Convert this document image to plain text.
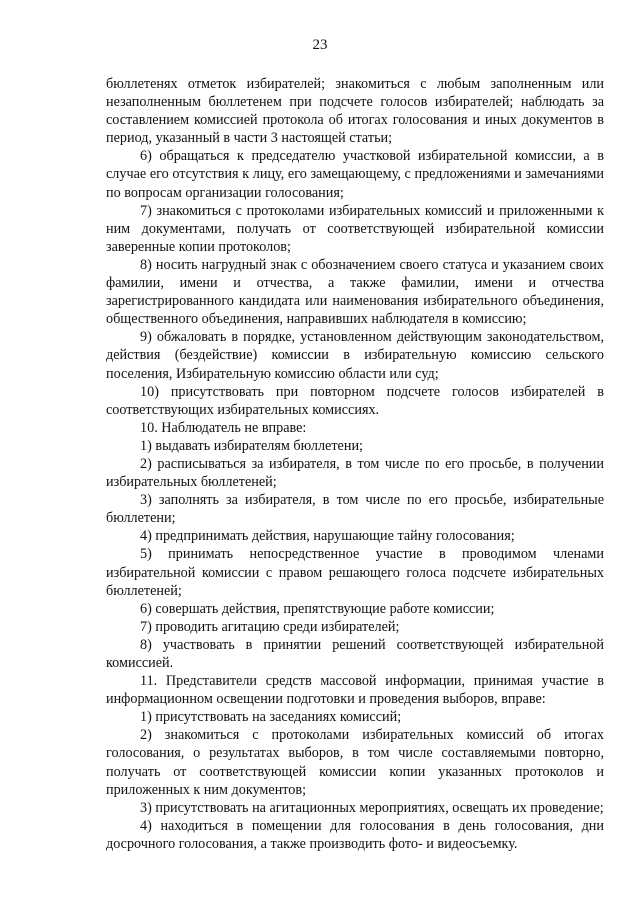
23

бюллетенях отметок избирателей; знакомиться с любым заполненным или незаполненным бюллетенем при подсчете голосов избирателей; наблюдать за составлением комиссией протокола об итогах голосования и иных документов в период, указанный в части 3 настоящей статьи;

6) обращаться к председателю участковой избирательной комиссии, а в случае его отсутствия к лицу, его замещающему, с предложениями и замечаниями по вопросам организации голосования;

7) знакомиться с протоколами избирательных комиссий и приложенными к ним документами, получать от соответствующей избирательной комиссии заверенные копии протоколов;

8) носить нагрудный знак с обозначением своего статуса и указанием своих фамилии, имени и отчества, а также фамилии, имени и отчества зарегистрированного кандидата или наименования избирательного объединения, общественного объединения, направивших наблюдателя в комиссию;

9) обжаловать в порядке, установленном действующим законодательством, действия (бездействие) комиссии в избирательную комиссию сельского поселения, Избирательную комиссию области или суд;

10) присутствовать при повторном подсчете голосов избирателей в соответствующих избирательных комиссиях.

10. Наблюдатель не вправе:

1) выдавать избирателям бюллетени;

2) расписываться за избирателя, в том числе по его просьбе, в получении избирательных бюллетеней;

3) заполнять за избирателя, в том числе по его просьбе, избирательные бюллетени;

4) предпринимать действия, нарушающие тайну голосования;

5) принимать непосредственное участие в проводимом членами избирательной комиссии с правом решающего голоса подсчете избирательных бюллетеней;

6) совершать действия, препятствующие работе комиссии;

7) проводить агитацию среди избирателей;

8) участвовать в принятии решений соответствующей избирательной комиссией.

11. Представители средств массовой информации, принимая участие в информационном освещении подготовки и проведения выборов, вправе:

1) присутствовать на заседаниях комиссий;

2) знакомиться с протоколами избирательных комиссий об итогах голосования, о результатах выборов, в том числе составляемыми повторно, получать от соответствующей комиссии копии указанных протоколов и приложенных к ним документов;

3) присутствовать на агитационных мероприятиях, освещать их проведение;

4) находиться в помещении для голосования в день голосования, дни досрочного голосования, а также производить фото- и видеосъемку.
